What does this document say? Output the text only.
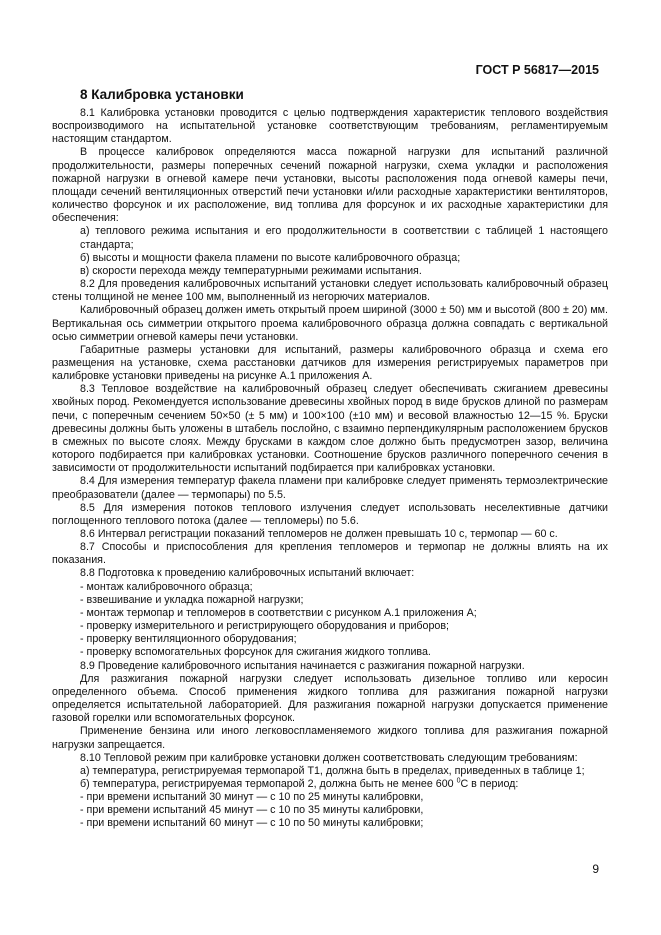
ГОСТ Р 56817—2015
8 Калибровка установки
8.1 Калибровка установки проводится с целью подтверждения характеристик теплового воздействия воспроизводимого на испытательной установке соответствующим требованиям, регламентируемым настоящим стандартом.
В процессе калибровок определяются масса пожарной нагрузки для испытаний различной продолжительности, размеры поперечных сечений пожарной нагрузки, схема укладки и расположения пожарной нагрузки в огневой камере печи установки, высоты расположения пода огневой камеры печи, площади сечений вентиляционных отверстий печи установки и/или расходные характеристики вентиляторов, количество форсунок и их расположение, вид топлива для форсунок и их расходные характеристики для обеспечения:
а) теплового режима испытания и его продолжительности в соответствии с таблицей 1 настоящего стандарта;
б) высоты и мощности факела пламени по высоте калибровочного образца;
в) скорости перехода между температурными режимами испытания.
8.2 Для проведения калибровочных испытаний установки следует использовать калибровочный образец стены толщиной не менее 100 мм, выполненный из негорючих материалов.
Калибровочный образец должен иметь открытый проем шириной (3000 ± 50) мм и высотой (800 ± 20) мм. Вертикальная ось симметрии открытого проема калибровочного образца должна совпадать с вертикальной осью симметрии огневой камеры печи установки.
Габаритные размеры установки для испытаний, размеры калибровочного образца и схема его размещения на установке, схема расстановки датчиков для измерения регистрируемых параметров при калибровке установки приведены на рисунке А.1 приложения А.
8.3 Тепловое воздействие на калибровочный образец следует обеспечивать сжиганием древесины хвойных пород. Рекомендуется использование древесины хвойных пород в виде брусков длиной по размерам печи, с поперечным сечением 50×50 (± 5 мм) и 100×100 (±10 мм) и весовой влажностью 12—15 %. Бруски древесины должны быть уложены в штабель послойно, с взаимно перпендикулярным расположением брусков в смежных по высоте слоях. Между брусками в каждом слое должно быть предусмотрен зазор, величина которого подбирается при калибровках установки. Соотношение брусков различного поперечного сечения в зависимости от продолжительности испытаний подбирается при калибровках установки.
8.4 Для измерения температур факела пламени при калибровке следует применять термоэлектрические преобразователи (далее — термопары) по 5.5.
8.5 Для измерения потоков теплового излучения следует использовать неселективные датчики поглощенного теплового потока (далее — тепломеры) по 5.6.
8.6 Интервал регистрации показаний тепломеров не должен превышать 10 с, термопар — 60 с.
8.7 Способы и приспособления для крепления тепломеров и термопар не должны влиять на их показания.
8.8 Подготовка к проведению калибровочных испытаний включает:
- монтаж калибровочного образца;
- взвешивание и укладка пожарной нагрузки;
- монтаж термопар и тепломеров в соответствии с рисунком А.1 приложения А;
- проверку измерительного и регистрирующего оборудования и приборов;
- проверку вентиляционного оборудования;
- проверку вспомогательных форсунок для сжигания жидкого топлива.
8.9 Проведение калибровочного испытания начинается с разжигания пожарной нагрузки.
Для разжигания пожарной нагрузки следует использовать дизельное топливо или керосин определенного объема. Способ применения жидкого топлива для разжигания пожарной нагрузки определяется испытательной лабораторией. Для разжигания пожарной нагрузки допускается применение газовой горелки или вспомогательных форсунок.
Применение бензина или иного легковоспламеняемого жидкого топлива для разжигания пожарной нагрузки запрещается.
8.10 Тепловой режим при калибровке установки должен соответствовать следующим требованиям:
а) температура, регистрируемая термопарой Т1, должна быть в пределах, приведенных в таблице 1;
б) температура, регистрируемая термопарой 2, должна быть не менее 600 $^0$С в период:
- при времени испытаний 30 минут — с 10 по 25 минуты калибровки,
- при времени испытаний 45 минут — с 10 по 35 минуты калибровки,
- при времени испытаний 60 минут — с 10 по 50 минуты калибровки;
9
